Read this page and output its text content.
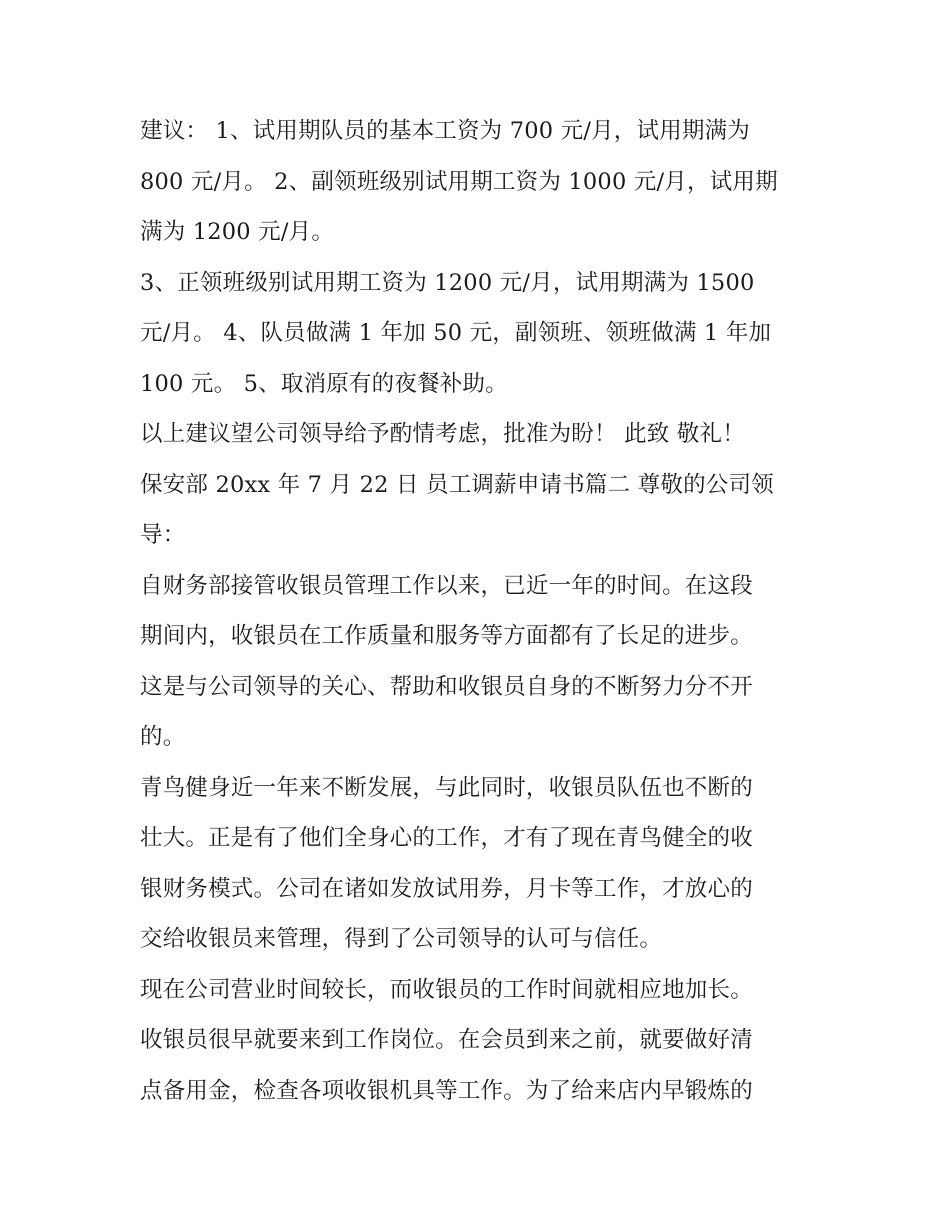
建议： 1、试用期队员的基本工资为 700 元/月，试用期满为
800 元/月。 2、副领班级别试用期工资为 1000 元/月，试用期
满为 1200 元/月。
3、正领班级别试用期工资为 1200 元/月，试用期满为 1500
元/月。 4、队员做满 1 年加 50 元，副领班、领班做满 1 年加
100 元。 5、取消原有的夜餐补助。
以上建议望公司领导给予酌情考虑，批准为盼！ 此致 敬礼！
保安部 20xx 年 7 月 22 日 员工调薪申请书篇二 尊敬的公司领
导：
自财务部接管收银员管理工作以来，已近一年的时间。在这段
期间内，收银员在工作质量和服务等方面都有了长足的进步。
这是与公司领导的关心、帮助和收银员自身的不断努力分不开
的。
青鸟健身近一年来不断发展，与此同时，收银员队伍也不断的
壮大。正是有了他们全身心的工作，才有了现在青鸟健全的收
银财务模式。公司在诸如发放试用券，月卡等工作，才放心的
交给收银员来管理，得到了公司领导的认可与信任。
现在公司营业时间较长，而收银员的工作时间就相应地加长。
收银员很早就要来到工作岗位。在会员到来之前，就要做好清
点备用金，检查各项收银机具等工作。为了给来店内早锻炼的
